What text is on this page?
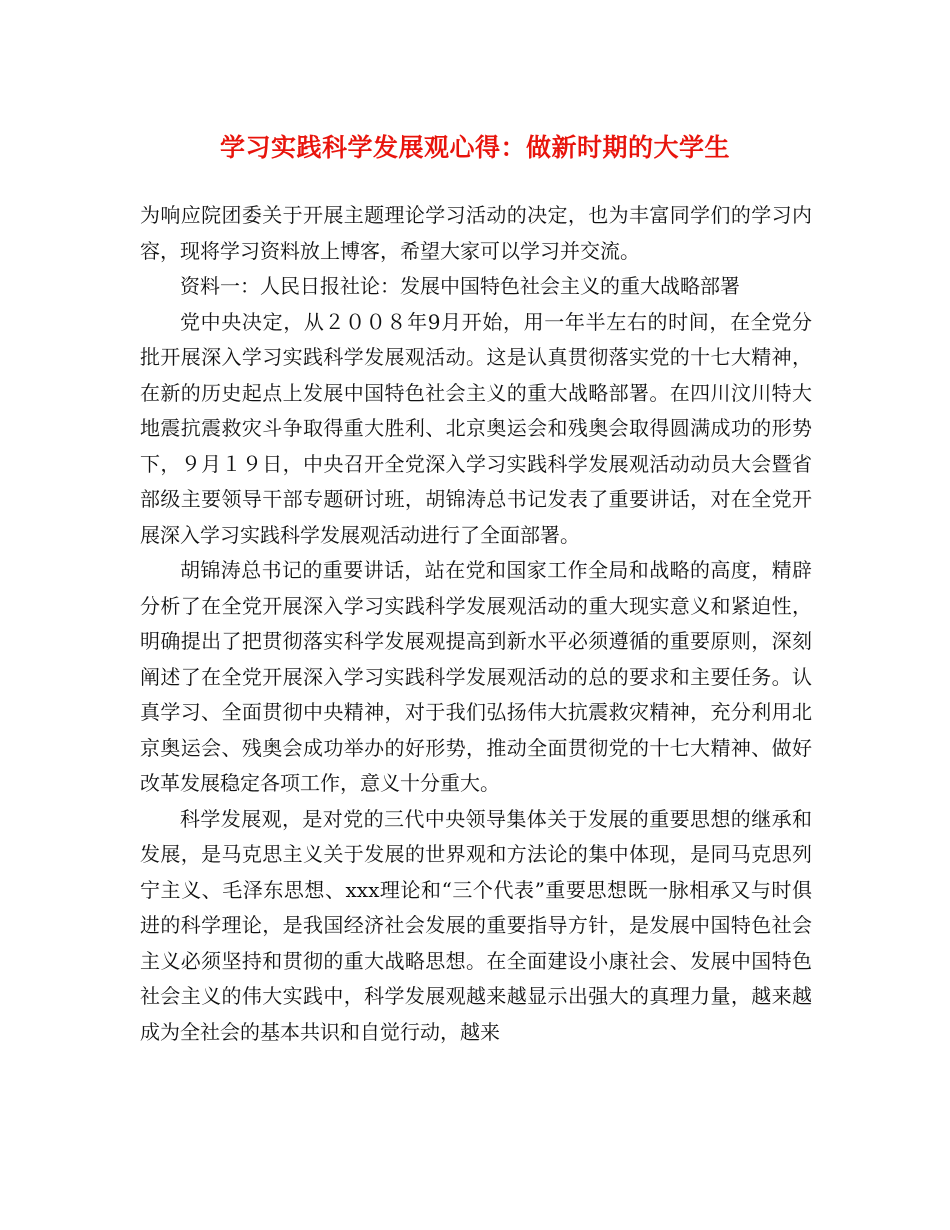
学习实践科学发展观心得：做新时期的大学生

为响应院团委关于开展主题理论学习活动的决定，也为丰富同学们的学习内容，现将学习资料放上博客，希望大家可以学习并交流。

资料一：人民日报社论：发展中国特色社会主义的重大战略部署

党中央决定，从２００８年9月开始，用一年半左右的时间，在全党分批开展深入学习实践科学发展观活动。这是认真贯彻落实党的十七大精神，在新的历史起点上发展中国特色社会主义的重大战略部署。在四川汶川特大地震抗震救灾斗争取得重大胜利、北京奥运会和残奥会取得圆满成功的形势下，９月１９日，中央召开全党深入学习实践科学发展观活动动员大会暨省部级主要领导干部专题研讨班，胡锦涛总书记发表了重要讲话，对在全党开展深入学习实践科学发展观活动进行了全面部署。

胡锦涛总书记的重要讲话，站在党和国家工作全局和战略的高度，精辟分析了在全党开展深入学习实践科学发展观活动的重大现实意义和紧迫性，明确提出了把贯彻落实科学发展观提高到新水平必须遵循的重要原则，深刻阐述了在全党开展深入学习实践科学发展观活动的总的要求和主要任务。认真学习、全面贯彻中央精神，对于我们弘扬伟大抗震救灾精神，充分利用北京奥运会、残奥会成功举办的好形势，推动全面贯彻党的十七大精神、做好改革发展稳定各项工作，意义十分重大。

科学发展观，是对党的三代中央领导集体关于发展的重要思想的继承和发展，是马克思主义关于发展的世界观和方法论的集中体现，是同马克思列宁主义、毛泽东思想、xxx理论和“三个代表”重要思想既一脉相承又与时俱进的科学理论，是我国经济社会发展的重要指导方针，是发展中国特色社会主义必须坚持和贯彻的重大战略思想。在全面建设小康社会、发展中国特色社会主义的伟大实践中，科学发展观越来越显示出强大的真理力量，越来越成为全社会的基本共识和自觉行动，越来
